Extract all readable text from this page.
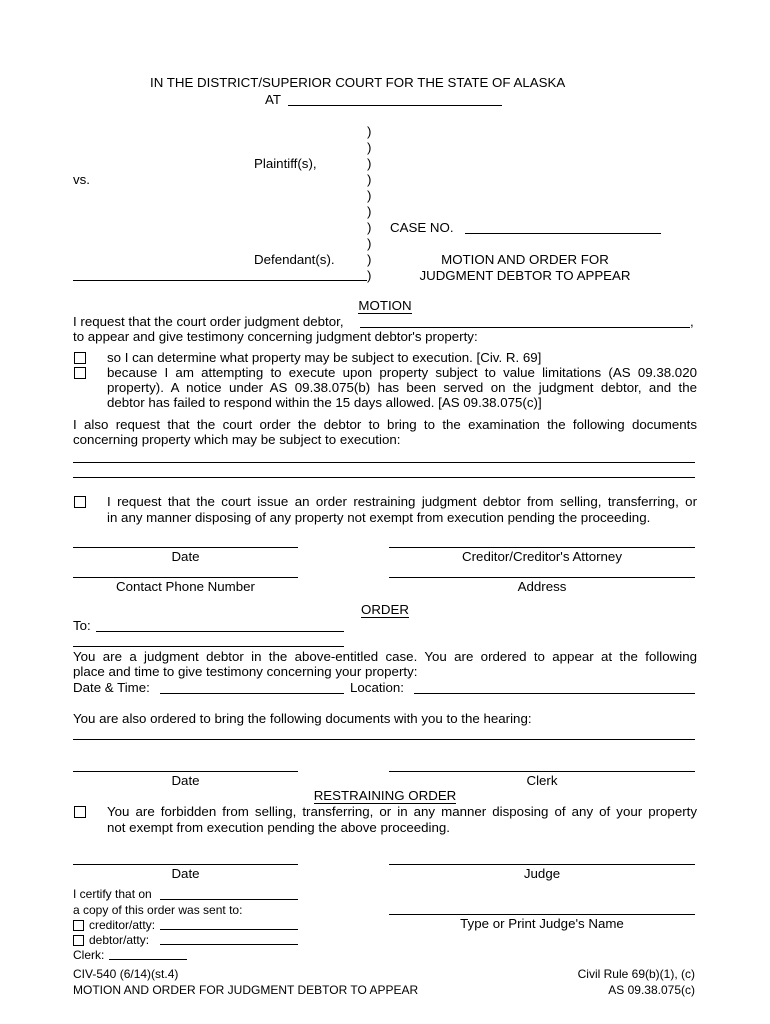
IN THE DISTRICT/SUPERIOR COURT FOR THE STATE OF ALASKA
AT
)
)
)
)
)
)
)
)
)
)
Plaintiff(s),
vs.
CASE NO.
Defendant(s).	MOTION AND ORDER FOR
JUDGMENT DEBTOR TO APPEAR
MOTION
I request that the court order judgment debtor,	,
to appear and give testimony concerning judgment debtor's property:
so I can determine what property may be subject to execution. [Civ. R. 69]
because I am attempting to execute upon property subject to value limitations (AS 09.38.020
property). A notice under AS 09.38.075(b) has been served on the judgment debtor, and the
debtor has failed to respond within the 15 days allowed. [AS 09.38.075(c)]
I also request that the court order the debtor to bring to the examination the following documents
concerning property which may be subject to execution:
I request that the court issue an order restraining judgment debtor from selling, transferring, or
in any manner disposing of any property not exempt from execution pending the proceeding.
Date	Creditor/Creditor's Attorney
Contact Phone Number	Address
ORDER
To:
You are a judgment debtor in the above-entitled case. You are ordered to appear at the following
place and time to give testimony concerning your property:
Date & Time:	Location:
You are also ordered to bring the following documents with you to the hearing:
Date	Clerk
RESTRAINING ORDER
You are forbidden from selling, transferring, or in any manner disposing of any of your property
not exempt from execution pending the above proceeding.
Date	Judge
Type or Print Judge's Name
I certify that on
a copy of this order was sent to:
creditor/atty:
debtor/atty:
Clerk:
CIV-540 (6/14)(st.4)
MOTION AND ORDER FOR JUDGMENT DEBTOR TO APPEAR
Civil Rule 69(b)(1), (c)
AS 09.38.075(c)
